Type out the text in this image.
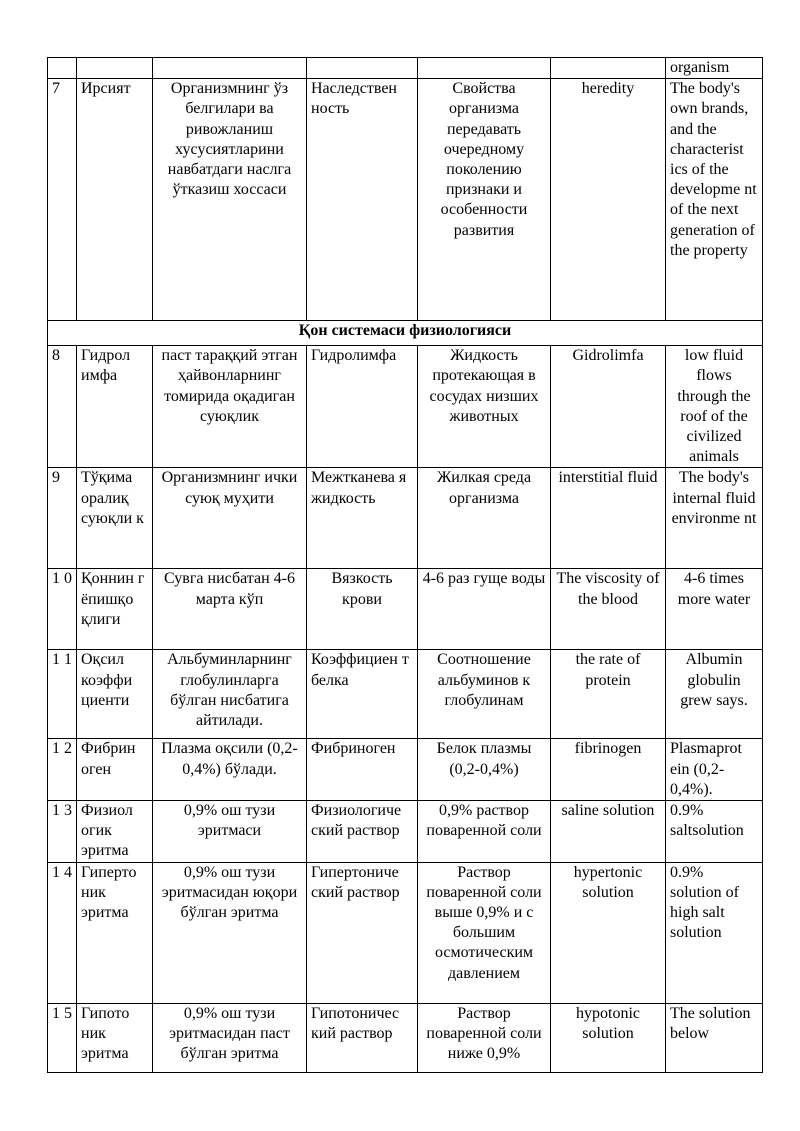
						organism
7	Ирсият	Организмнинг ўз белгилари ва ривожланиш хусусиятларини навбатдаги наслга ўтказиш хоссаси	Наследствен ность	Свойства организма передавать очередному поколению признаки и особенности развития	heredity	The body's own brands, and the characterist ics of the developme nt of the next generation of the property
Қон системаси физиологияси						
8	Гидрол имфа	паст тараққий этган ҳайвонларнинг томирида оқадиган суюқлик	Гидролимфа	Жидкость протекающая в сосудах низших животных	Gidrolimfa	low fluid flows through the roof of the civilized animals
9	Тўқима оралиқ суюқли к	Организмнинг ички суюқ муҳити	Межтканева я жидкость	Жилкая среда организма	interstitial fluid	The body's internal fluid environme nt
1 0	Қоннин г ёпишқо қлиги	Сувга нисбатан 4-6 марта кўп	Вязкость крови	4-6 раз гуще воды	The viscosity of the blood	4-6 times more water
1 1	Оқсил коэффи циенти	Альбуминларнинг глобулинларга бўлган нисбатига айтилади.	Коэффициен т белка	Соотношение альбуминов к глобулинам	the rate of protein	Albumin globulin grew says.
1 2	Фибрин оген	Плазма оқсили (0,2-0,4%) бўлади.	Фибриноген	Белок плазмы (0,2-0,4%)	fibrinogen	Plasmaprot ein (0,2-0,4%).
1 3	Физиол огик эритма	0,9% ош тузи эритмаси	Физиологиче ский раствор	0,9% раствор поваренной соли	saline solution	0.9% saltsolution
1 4	Гиперто ник эритма	0,9% ош тузи эритмасидан юқори бўлган эритма	Гипертониче ский раствор	Раствор поваренной соли выше 0,9% и с большим осмотическим давлением	hypertonic solution	0.9% solution of high salt solution
1 5	Гипото ник эритма	0,9% ош тузи эритмасидан паст бўлган эритма	Гипотоничес кий раствор	Раствор поваренной соли ниже 0,9%	hypotonic solution	The solution below
